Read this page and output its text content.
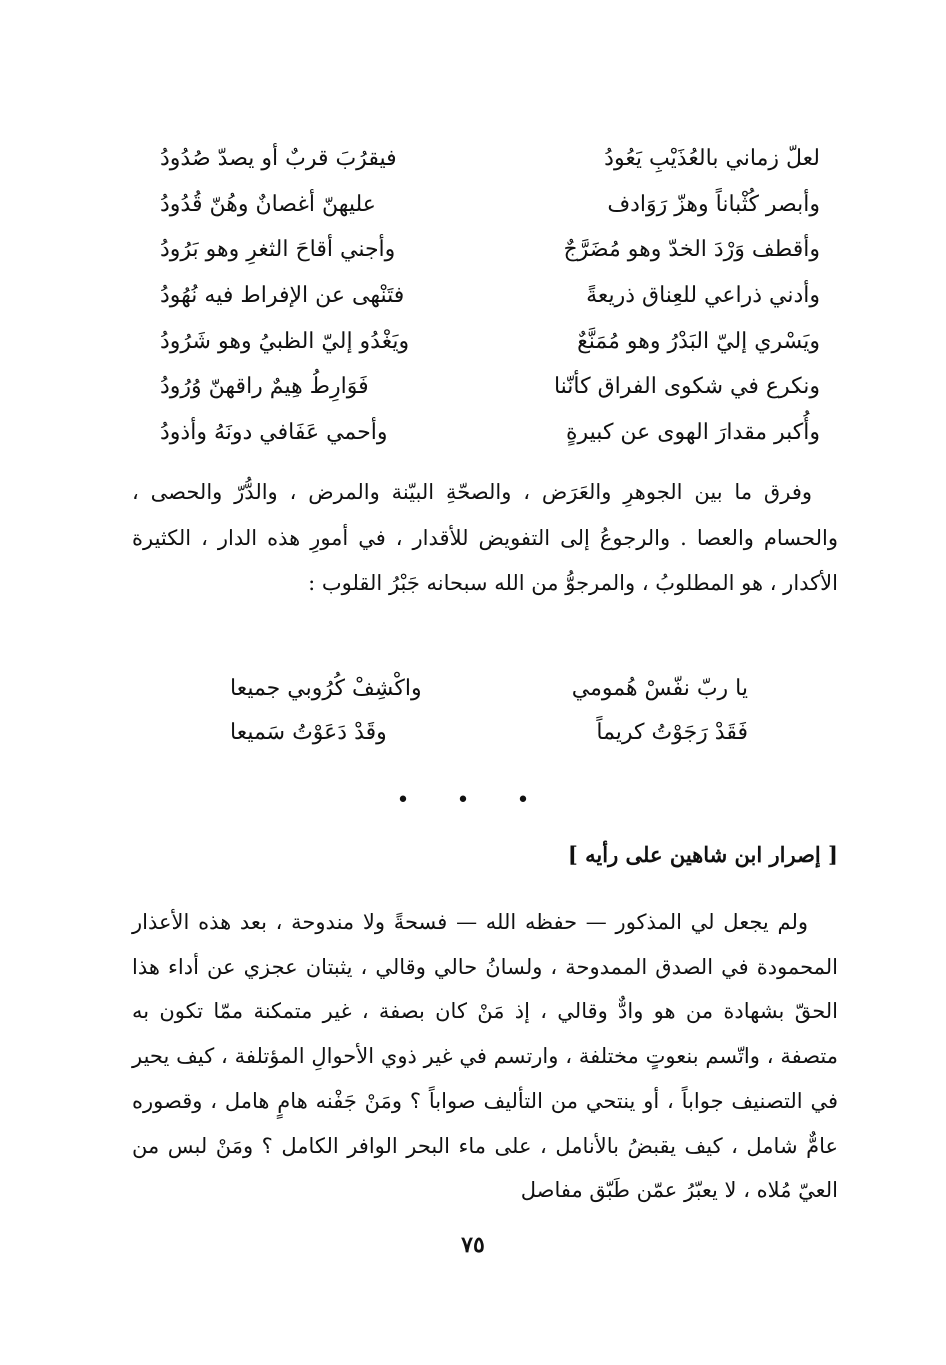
لعلّ زماني بالعُذَيْبِ يَعُودُ
فيقرُبَ قربٌ أو يصدّ صُدُودُ
وأبصر كُثْباناً وهزّ رَوَادف
عليهنّ أغصانٌ وهُنّ قُدُودُ
وأقطف وَرْدَ الخدّ وهو مُضَرَّجٌ
وأجني أقاحَ الثغرِ وهو بَرُودُ
وأدني ذراعي للعِناق ذريعةً
فتَنْهى عن الإفراط فيه نُهُودُ
ويَسْري إليّ البَدْرُ وهو مُمَنَّعٌ
ويَغْدُو إليّ الظبيُ وهو شَرُودُ
ونكرع في شكوى الفراق كأنّنا
فَوَارِطُ هِيمٌ راقهنّ وُرُودُ
وأُكبر مقدارَ الهوى عن كبيرةٍ
وأحمي عَفَافي دونَهُ وأذودُ
وفرق ما بين الجوهرِ والعَرَض ، والصحّةِ البيّنة والمرض ، والدُّرّ والحصى ، والحسام والعصا . والرجوعُ إلى التفويض للأقدار ، في أمورِ هذه الدار ، الكثيرة الأكدار ، هو المطلوبُ ، والمرجوُّ من الله سبحانه جَبْرُ القلوب :
يا ربّ نفّسْ هُمومي
واكْشِفْ كُرُوبي جميعا
فَقَدْ رَجَوْتُ كريماً
وقَدْ دَعَوْتُ سَميعا
• • •
[ إصرار ابن شاهين على رأيه ]
ولم يجعل لي المذكور — حفظه الله — فسحةً ولا مندوحة ، بعد هذه الأعذار المحمودة في الصدق الممدوحة ، ولسانُ حالي وقالي ، يثبتان عجزي عن أداء هذا الحقّ بشهادة من هو وادٌّ وقالي ، إذ مَنْ كان بصفة ، غير متمكنة ممّا تكون به متصفة ، واتّسم بنعوتٍ مختلفة ، وارتسم في غير ذوي الأحوالِ المؤتلفة ، كيف يحير في التصنيف جواباً ، أو ينتحي من التأليف صواباً ؟ ومَنْ جَفْنه هامٍ هامل ، وقصوره عامٌّ شامل ، كيف يقبضُ بالأنامل ، على ماء البحر الوافر الكامل ؟ ومَنْ لبس من العيّ مُلاه ، لا يعبّرُ عمّن طَبّق مفاصل
٧٥
